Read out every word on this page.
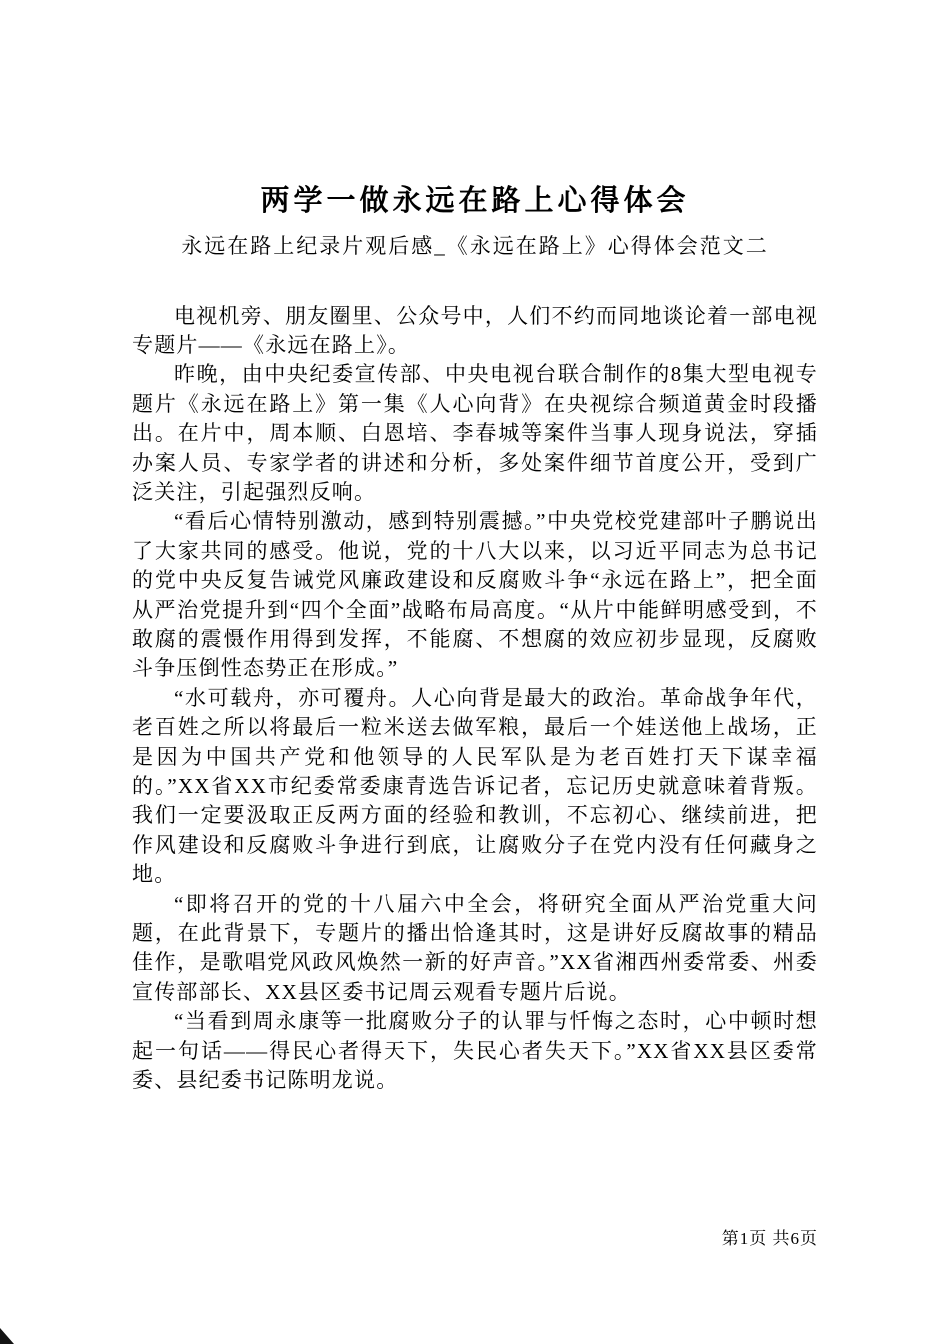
两学一做永远在路上心得体会

永远在路上纪录片观后感_《永远在路上》心得体会范文二

电视机旁、朋友圈里、公众号中，人们不约而同地谈论着一部电视专题片——《永远在路上》。

昨晚，由中央纪委宣传部、中央电视台联合制作的8集大型电视专题片《永远在路上》第一集《人心向背》在央视综合频道黄金时段播出。在片中，周本顺、白恩培、李春城等案件当事人现身说法，穿插办案人员、专家学者的讲述和分析，多处案件细节首度公开，受到广泛关注，引起强烈反响。

“看后心情特别激动，感到特别震撼。”中央党校党建部叶子鹏说出了大家共同的感受。他说，党的十八大以来，以习近平同志为总书记的党中央反复告诫党风廉政建设和反腐败斗争“永远在路上”，把全面从严治党提升到“四个全面”战略布局高度。“从片中能鲜明感受到，不敢腐的震慑作用得到发挥，不能腐、不想腐的效应初步显现，反腐败斗争压倒性态势正在形成。”

“水可载舟，亦可覆舟。人心向背是最大的政治。革命战争年代，老百姓之所以将最后一粒米送去做军粮，最后一个娃送他上战场，正是因为中国共产党和他领导的人民军队是为老百姓打天下谋幸福的。”XX省XX市纪委常委康青选告诉记者，忘记历史就意味着背叛。我们一定要汲取正反两方面的经验和教训，不忘初心、继续前进，把作风建设和反腐败斗争进行到底，让腐败分子在党内没有任何藏身之地。

“即将召开的党的十八届六中全会，将研究全面从严治党重大问题，在此背景下，专题片的播出恰逢其时，这是讲好反腐故事的精品佳作，是歌唱党风政风焕然一新的好声音。”XX省湘西州委常委、州委宣传部部长、XX县区委书记周云观看专题片后说。

“当看到周永康等一批腐败分子的认罪与忏悔之态时，心中顿时想起一句话——得民心者得天下，失民心者失天下。”XX省XX县区委常委、县纪委书记陈明龙说。

第1页 共6页
